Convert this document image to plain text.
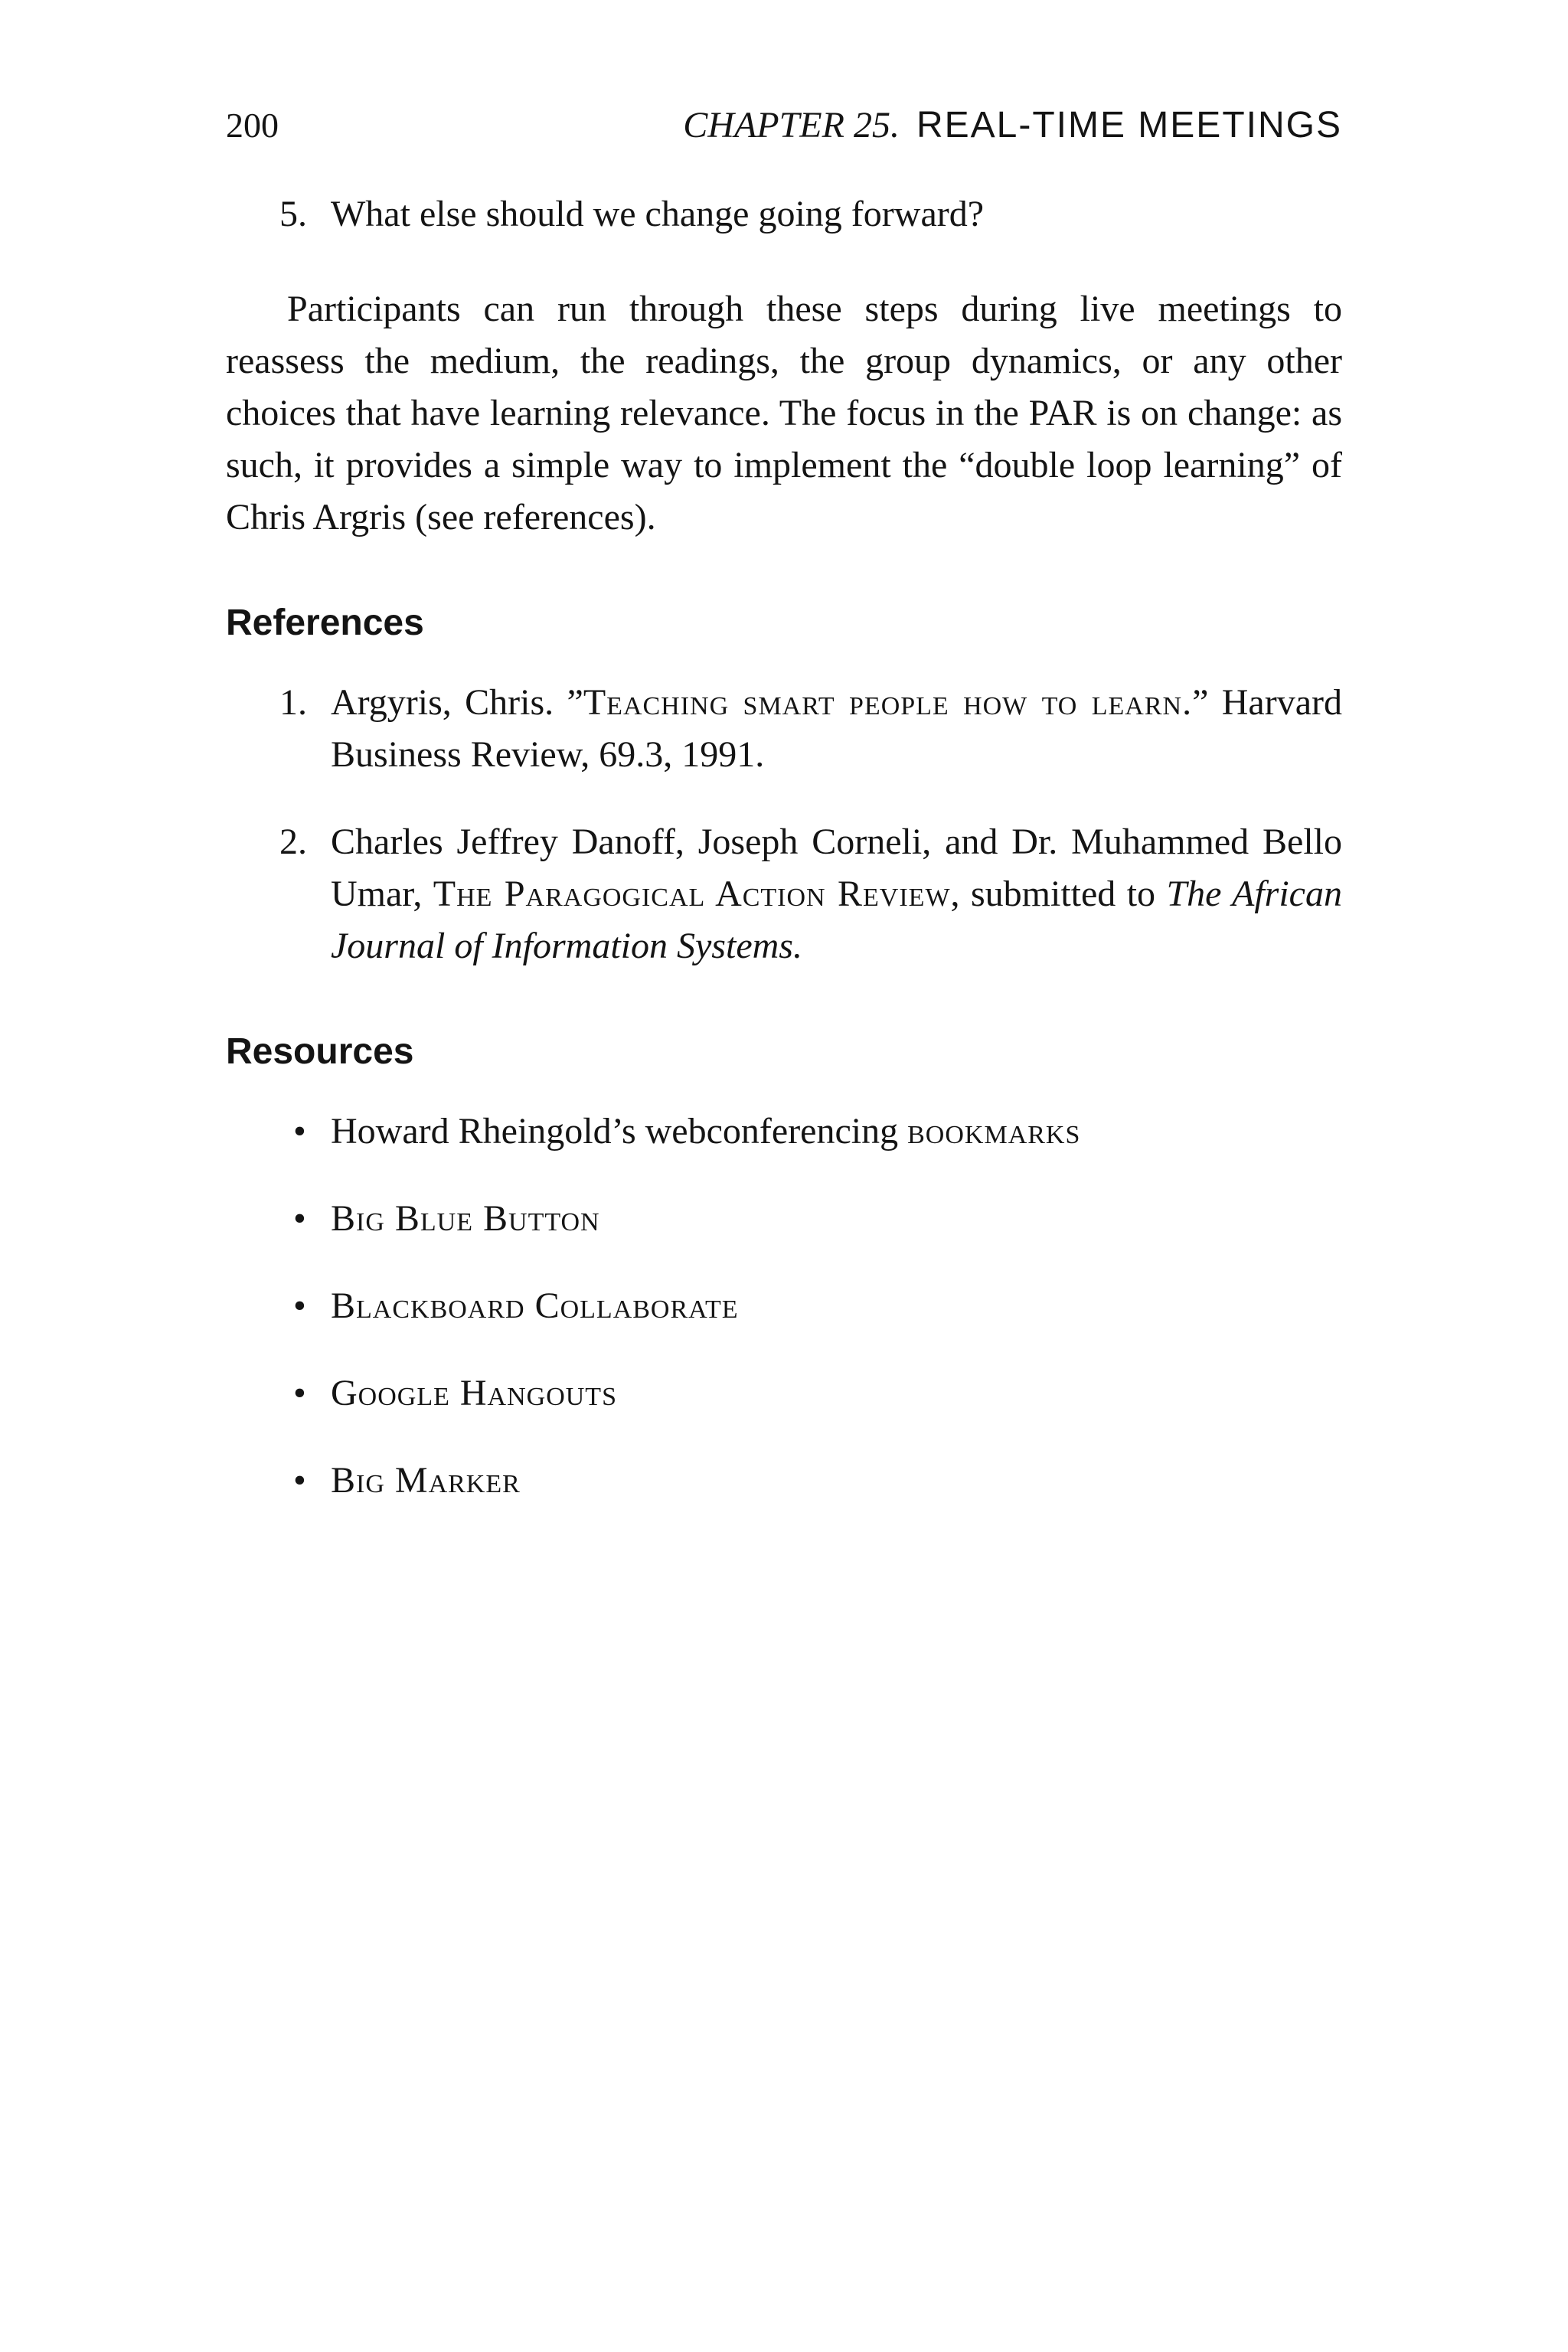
200	CHAPTER 25. REAL-TIME MEETINGS
5. What else should we change going forward?

Participants can run through these steps during live meetings to reassess the medium, the readings, the group dynamics, or any other choices that have learning relevance. The focus in the PAR is on change: as such, it provides a simple way to implement the “double loop learning” of Chris Argris (see references).

References
1. Argyris, Chris. ”Teaching smart people how to learn.” Harvard Business Review, 69.3, 1991.
2. Charles Jeffrey Danoff, Joseph Corneli, and Dr. Muhammed Bello Umar, The Paragogical Action Review, submitted to The African Journal of Information Systems.
Resources
• Howard Rheingold’s webconferencing bookmarks
• Big Blue Button
• Blackboard Collaborate
• Google Hangouts
• Big Marker
